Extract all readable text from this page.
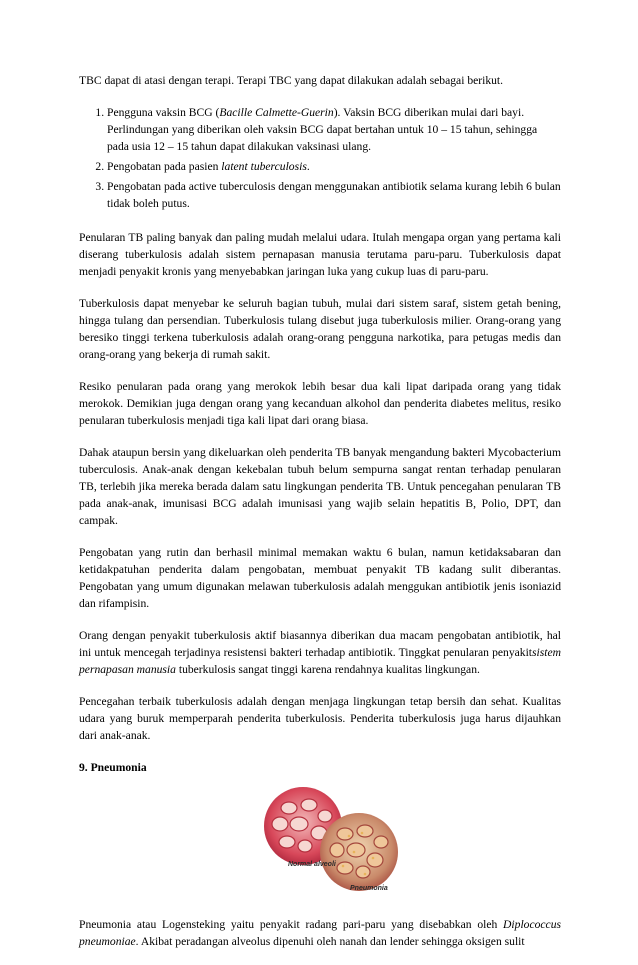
TBC dapat di atasi dengan terapi. Terapi TBC yang dapat dilakukan adalah sebagai berikut.

1. Pengguna vaksin BCG (Bacille Calmette-Guerin). Vaksin BCG diberikan mulai dari bayi. Perlindungan yang diberikan oleh vaksin BCG dapat bertahan untuk 10 – 15 tahun, sehingga pada usia 12 – 15 tahun dapat dilakukan vaksinasi ulang.
2. Pengobatan pada pasien latent tuberculosis.
3. Pengobatan pada active tuberculosis dengan menggunakan antibiotik selama kurang lebih 6 bulan tidak boleh putus.

Penularan TB paling banyak dan paling mudah melalui udara. Itulah mengapa organ yang pertama kali diserang tuberkulosis adalah sistem pernapasan manusia terutama paru-paru. Tuberkulosis dapat menjadi penyakit kronis yang menyebabkan jaringan luka yang cukup luas di paru-paru.

Tuberkulosis dapat menyebar ke seluruh bagian tubuh, mulai dari sistem saraf, sistem getah bening, hingga tulang dan persendian. Tuberkulosis tulang disebut juga tuberkulosis milier. Orang-orang yang beresiko tinggi terkena tuberkulosis adalah orang-orang pengguna narkotika, para petugas medis dan orang-orang yang bekerja di rumah sakit.

Resiko penularan pada orang yang merokok lebih besar dua kali lipat daripada orang yang tidak merokok. Demikian juga dengan orang yang kecanduan alkohol dan penderita diabetes melitus, resiko penularan tuberkulosis menjadi tiga kali lipat dari orang biasa.

Dahak ataupun bersin yang dikeluarkan oleh penderita TB banyak mengandung bakteri Mycobacterium tuberculosis. Anak-anak dengan kekebalan tubuh belum sempurna sangat rentan terhadap penularan TB, terlebih jika mereka berada dalam satu lingkungan penderita TB. Untuk pencegahan penularan TB pada anak-anak, imunisasi BCG adalah imunisasi yang wajib selain hepatitis B, Polio, DPT, dan campak.

Pengobatan yang rutin dan berhasil minimal memakan waktu 6 bulan, namun ketidaksabaran dan ketidakpatuhan penderita dalam pengobatan, membuat penyakit TB kadang sulit diberantas. Pengobatan yang umum digunakan melawan tuberkulosis adalah menggukan antibiotik jenis isoniazid dan rifampisin.

Orang dengan penyakit tuberkulosis aktif biasannya diberikan dua macam pengobatan antibiotik, hal ini untuk mencegah terjadinya resistensi bakteri terhadap antibiotik. Tinggkat penularan penyakitsistem pernapasan manusia tuberkulosis sangat tinggi karena rendahnya kualitas lingkungan.

Pencegahan terbaik tuberkulosis adalah dengan menjaga lingkungan tetap bersih dan sehat. Kualitas udara yang buruk memperparah penderita tuberkulosis. Penderita tuberkulosis juga harus dijauhkan dari anak-anak.

9. Pneumonia

Normal alveoli
Pneumonia

Pneumonia atau Logensteking yaitu penyakit radang pari-paru yang disebabkan oleh Diplococcus pneumoniae. Akibat peradangan alveolus dipenuhi oleh nanah dan lender sehingga oksigen sulit
